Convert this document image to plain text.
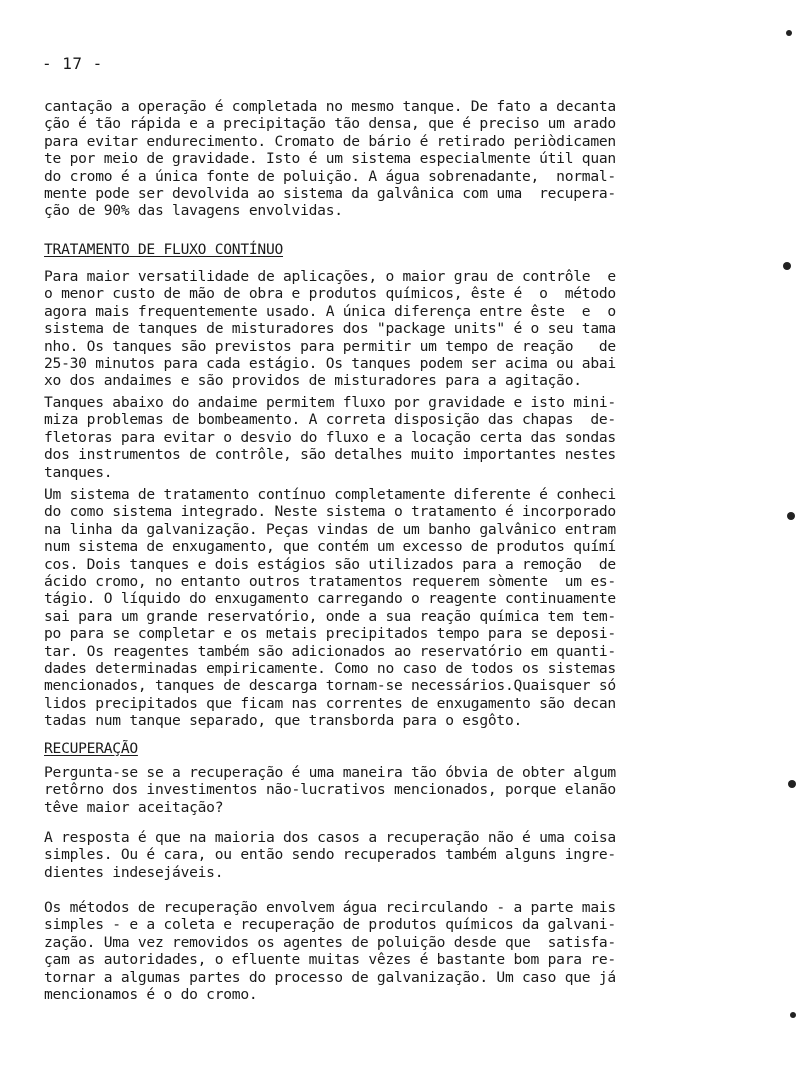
- 17 -
cantação a operação é completada no mesmo tanque. De fato a decanta
ção é tão rápida e a precipitação tão densa, que é preciso um arado
para evitar endurecimento. Cromato de bário é retirado periòdicamen
te por meio de gravidade. Isto é um sistema especialmente útil quan
do cromo é a única fonte de poluição. A água sobrenadante,  normal-
mente pode ser devolvida ao sistema da galvânica com uma  recupera-
ção de 90% das lavagens envolvidas.
TRATAMENTO DE FLUXO CONTÍNUO
Para maior versatilidade de aplicações, o maior grau de contrôle  e
o menor custo de mão de obra e produtos químicos, êste é  o  método
agora mais frequentemente usado. A única diferença entre êste  e  o
sistema de tanques de misturadores dos "package units" é o seu tama
nho. Os tanques são previstos para permitir um tempo de reação   de
25-30 minutos para cada estágio. Os tanques podem ser acima ou abai
xo dos andaimes e são providos de misturadores para a agitação.
Tanques abaixo do andaime permitem fluxo por gravidade e isto mini-
miza problemas de bombeamento. A correta disposição das chapas  de-
fletoras para evitar o desvio do fluxo e a locação certa das sondas
dos instrumentos de contrôle, são detalhes muito importantes nestes
tanques.
Um sistema de tratamento contínuo completamente diferente é conheci
do como sistema integrado. Neste sistema o tratamento é incorporado
na linha da galvanização. Peças vindas de um banho galvânico entram
num sistema de enxugamento, que contém um excesso de produtos químí
cos. Dois tanques e dois estágios são utilizados para a remoção  de
ácido cromo, no entanto outros tratamentos requerem sòmente  um es-
tágio. O líquido do enxugamento carregando o reagente continuamente
sai para um grande reservatório, onde a sua reação química tem tem-
po para se completar e os metais precipitados tempo para se deposi-
tar. Os reagentes também são adicionados ao reservatório em quanti-
dades determinadas empiricamente. Como no caso de todos os sistemas
mencionados, tanques de descarga tornam-se necessários.Quaisquer só
lidos precipitados que ficam nas correntes de enxugamento são decan
tadas num tanque separado, que transborda para o esgôto.
RECUPERAÇÃO
Pergunta-se se a recuperação é uma maneira tão óbvia de obter algum
retôrno dos investimentos não-lucrativos mencionados, porque elanão
têve maior aceitação?
A resposta é que na maioria dos casos a recuperação não é uma coisa
simples. Ou é cara, ou então sendo recuperados também alguns ingre-
dientes indesejáveis.
Os métodos de recuperação envolvem água recirculando - a parte mais
simples - e a coleta e recuperação de produtos químicos da galvani-
zação. Uma vez removidos os agentes de poluição desde que  satisfa-
çam as autoridades, o efluente muitas vêzes é bastante bom para re-
tornar a algumas partes do processo de galvanização. Um caso que já
mencionamos é o do cromo.
